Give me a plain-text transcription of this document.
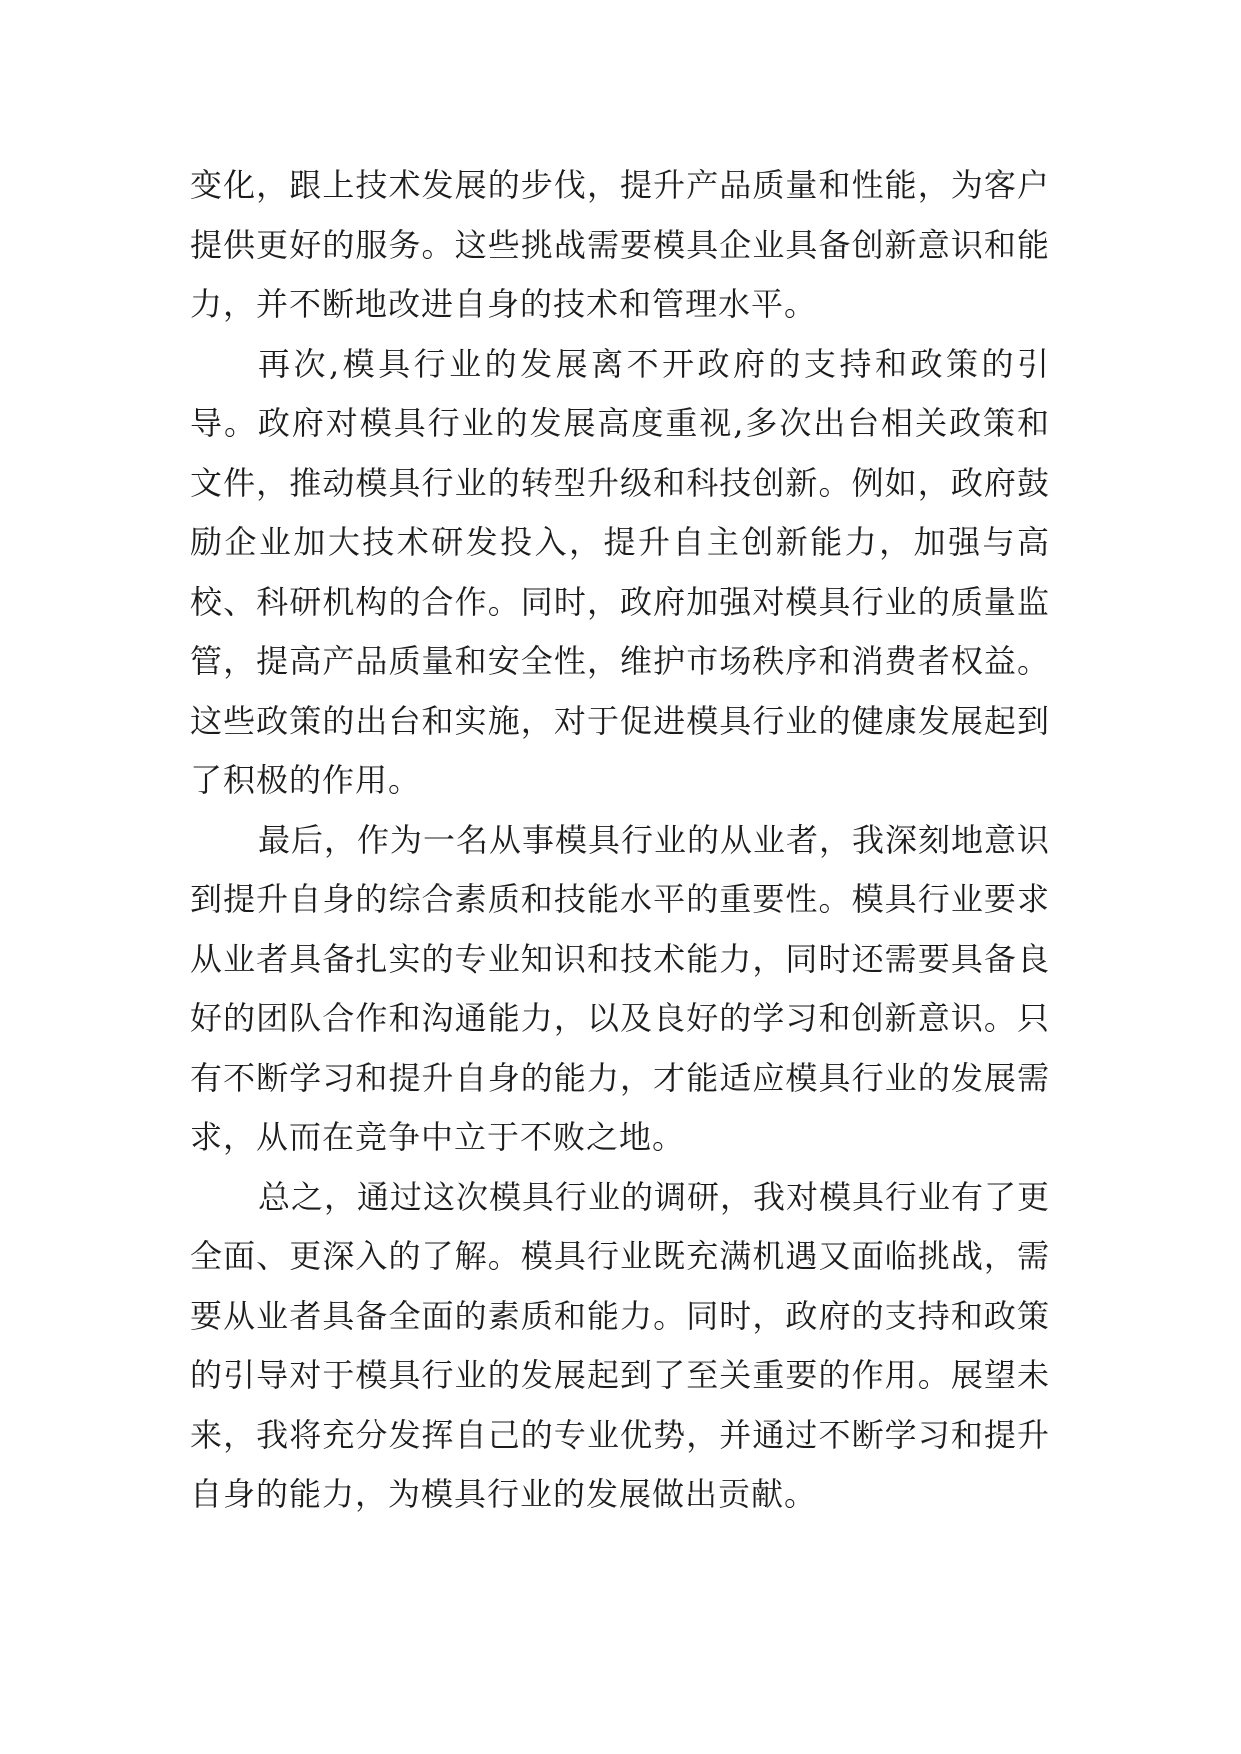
变化，跟上技术发展的步伐，提升产品质量和性能，为客户提供更好的服务。这些挑战需要模具企业具备创新意识和能力，并不断地改进自身的技术和管理水平。

再次,模具行业的发展离不开政府的支持和政策的引导。政府对模具行业的发展高度重视,多次出台相关政策和文件，推动模具行业的转型升级和科技创新。例如，政府鼓励企业加大技术研发投入，提升自主创新能力，加强与高校、科研机构的合作。同时，政府加强对模具行业的质量监管，提高产品质量和安全性，维护市场秩序和消费者权益。这些政策的出台和实施，对于促进模具行业的健康发展起到了积极的作用。

最后，作为一名从事模具行业的从业者，我深刻地意识到提升自身的综合素质和技能水平的重要性。模具行业要求从业者具备扎实的专业知识和技术能力，同时还需要具备良好的团队合作和沟通能力，以及良好的学习和创新意识。只有不断学习和提升自身的能力，才能适应模具行业的发展需求，从而在竞争中立于不败之地。

总之，通过这次模具行业的调研，我对模具行业有了更全面、更深入的了解。模具行业既充满机遇又面临挑战，需要从业者具备全面的素质和能力。同时，政府的支持和政策的引导对于模具行业的发展起到了至关重要的作用。展望未来，我将充分发挥自己的专业优势，并通过不断学习和提升自身的能力，为模具行业的发展做出贡献。
